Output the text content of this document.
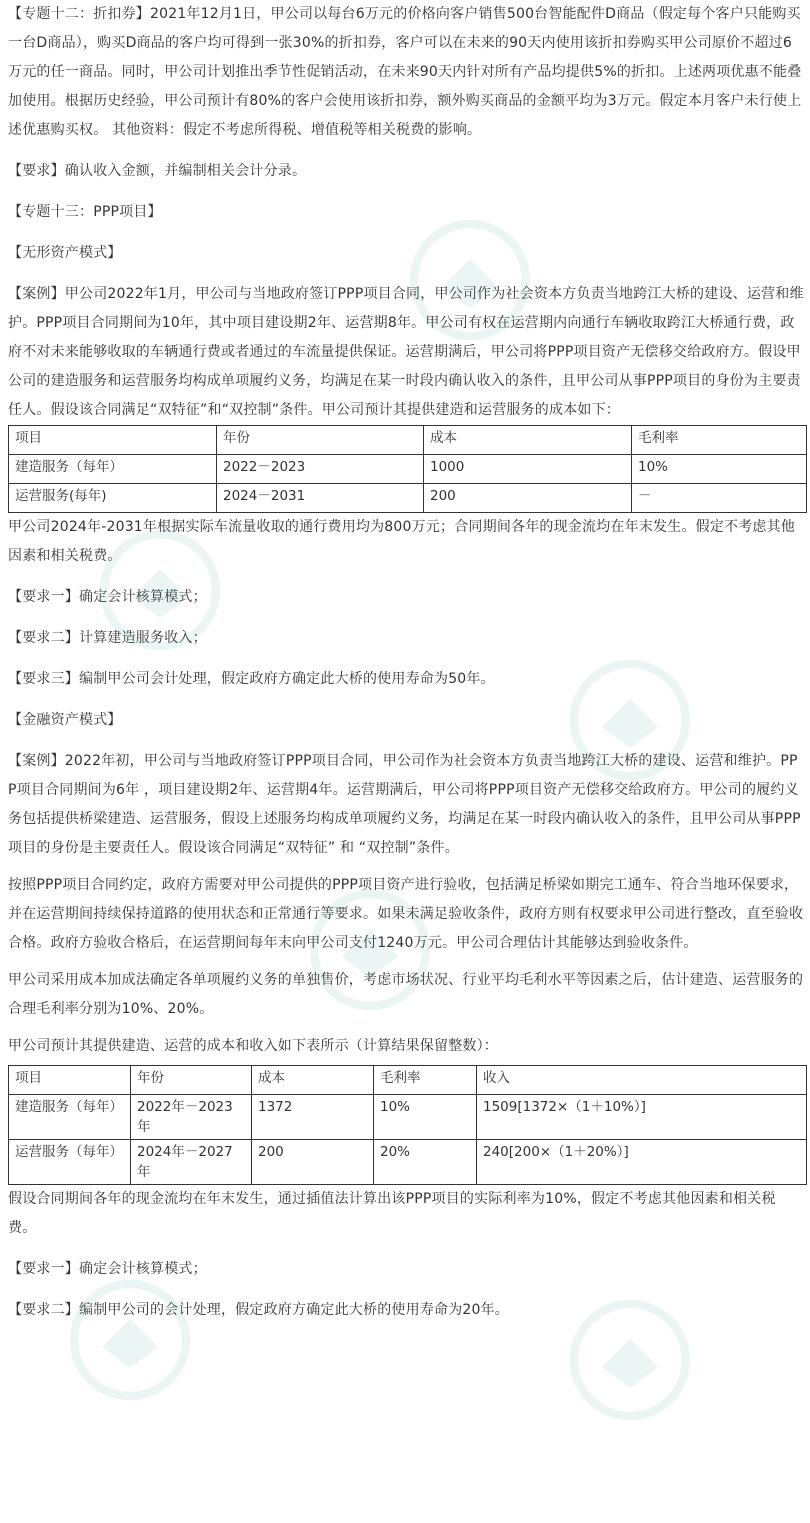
【专题十二：折扣券】2021年12月1日，甲公司以每台6万元的价格向客户销售500台智能配件D商品（假定每个客户只能购买一台D商品），购买D商品的客户均可得到一张30%的折扣券，客户可以在未来的90天内使用该折扣券购买甲公司原价不超过6万元的任一商品。同时，甲公司计划推出季节性促销活动，在未来90天内针对所有产品均提供5%的折扣。上述两项优惠不能叠加使用。根据历史经验，甲公司预计有80%的客户会使用该折扣券，额外购买商品的金额平均为3万元。假定本月客户未行使上述优惠购买权。 其他资料：假定不考虑所得税、增值税等相关税费的影响。

【要求】确认收入金额，并编制相关会计分录。

【专题十三：PPP项目】

【无形资产模式】

【案例】甲公司2022年1月，甲公司与当地政府签订PPP项目合同，甲公司作为社会资本方负责当地跨江大桥的建设、运营和维护。PPP项目合同期间为10年，其中项目建设期2年、运营期8年。甲公司有权在运营期内向通行车辆收取跨江大桥通行费，政府不对未来能够收取的车辆通行费或者通过的车流量提供保证。运营期满后，甲公司将PPP项目资产无偿移交给政府方。假设甲公司的建造服务和运营服务均构成单项履约义务，均满足在某一时段内确认收入的条件，且甲公司从事PPP项目的身份为主要责任人。假设该合同满足“双特征”和“双控制”条件。甲公司预计其提供建造和运营服务的成本如下：

项目	年份	成本	毛利率
建造服务（每年）	2022－2023	1000	10%
运营服务(每年)	2024－2031	200	－

甲公司2024年-2031年根据实际车流量收取的通行费用均为800万元；合同期间各年的现金流均在年末发生。假定不考虑其他因素和相关税费。

【要求一】确定会计核算模式；

【要求二】计算建造服务收入；

【要求三】编制甲公司会计处理，假定政府方确定此大桥的使用寿命为50年。

【金融资产模式】

【案例】2022年初，甲公司与当地政府签订PPP项目合同，甲公司作为社会资本方负责当地跨江大桥的建设、运营和维护。PPP项目合同期间为6年 ，项目建设期2年、运营期4年。运营期满后，甲公司将PPP项目资产无偿移交给政府方。甲公司的履约义务包括提供桥梁建造、运营服务，假设上述服务均构成单项履约义务，均满足在某一时段内确认收入的条件，且甲公司从事PPP项目的身份是主要责任人。假设该合同满足“双特征” 和 “双控制”条件。

按照PPP项目合同约定，政府方需要对甲公司提供的PPP项目资产进行验收，包括满足桥梁如期完工通车、符合当地环保要求，并在运营期间持续保持道路的使用状态和正常通行等要求。如果未满足验收条件，政府方则有权要求甲公司进行整改，直至验收合格。政府方验收合格后，在运营期间每年末向甲公司支付1240万元。甲公司合理估计其能够达到验收条件。

甲公司采用成本加成法确定各单项履约义务的单独售价，考虑市场状况、行业平均毛利水平等因素之后，估计建造、运营服务的合理毛利率分别为10%、20%。

甲公司预计其提供建造、运营的成本和收入如下表所示（计算结果保留整数）：

项目	年份	成本	毛利率	收入
建造服务（每年）	2022年－2023年	1372	10%	1509[1372×（1＋10%）]
运营服务（每年）	2024年－2027年	200	20%	240[200×（1＋20%）]

假设合同期间各年的现金流均在年末发生，通过插值法计算出该PPP项目的实际利率为10%，假定不考虑其他因素和相关税费。

【要求一】确定会计核算模式；

【要求二】编制甲公司的会计处理，假定政府方确定此大桥的使用寿命为20年。
